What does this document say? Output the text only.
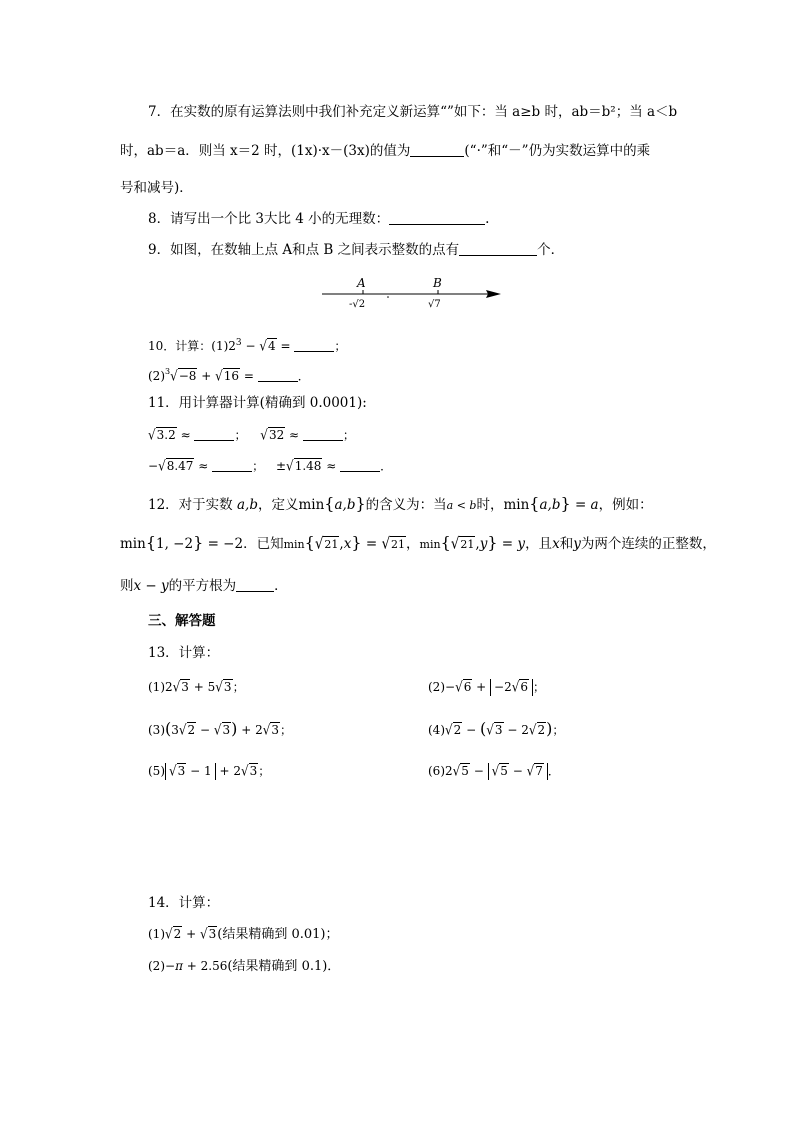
7．在实数的原有运算法则中我们补充定义新运算“”如下：当 a≥b 时，ab＝b²；当 a＜b
时，ab＝a．则当 x＝2 时，(1x)·x－(3x)的值为	(“·”和“－”仍为实数运算中的乘
号和减号)．
8．请写出一个比 3大比 4 小的无理数：	.
9．如图，在数轴上点 A和点 B 之间表示整数的点有	个．
A	B
-√2	√7
10．计算：$(1)2^3 - √4$ =	；
$(2)^3√-8 + √16$ =	．
11．用计算器计算(精确到 0.0001):
√3.2 ≈	； √32 ≈	；
−√8.47 ≈	； ±√1.48 ≈	．
12．对于实数 a,b，定义min{a,b}的含义为：当a < b时，min{a,b} = a，例如：
min{1, −2} = −2．已知min{√21,x} = √21，min{√21,y} = y，且x和y为两个连续的正整数，
则x − y的平方根为	．
三、解答题
13．计算：
(1)2√3 + 5√3；	(2)−√6 + −2√6 ；
(3)(3√2 − √3) + 2√3；	(4)√2 − (√3 − 2√2)；
(5) √3 − 1 + 2√3；	(6)2√5 − √5 − √7 ．
14．计算：
(1)√2 + √3(结果精确到 0.01)；
(2)−π + 2.56(结果精确到 0.1)．
